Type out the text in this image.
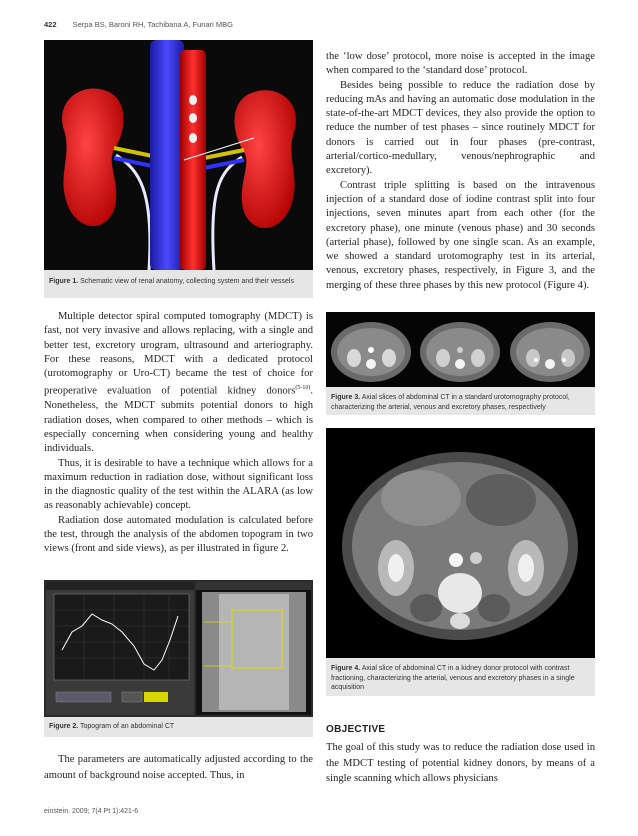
422 Serpa BS, Baroni RH, Tachibana A, Funari MBG
Figure 1. Schematic view of renal anatomy, collecting system and their vessels

Multiple detector spiral computed tomography (MDCT) is fast, not very invasive and allows replacing, with a single and better test, excretory urogram, ultrasound and arteriography. For these reasons, MDCT with a dedicated protocol (urotomography or Uro-CT) became the test of choice for preoperative evaluation of potential kidney donors$^{(5-10)}$. Nonetheless, the MDCT submits potential donors to high radiation doses, when compared to other methods – which is especially concerning when considering young and healthy individuals.

Thus, it is desirable to have a technique which allows for a maximum reduction in radiation dose, without significant loss in the diagnostic quality of the test within the ALARA (as low as reasonably achievable) concept.

Radiation dose automated modulation is calculated before the test, through the analysis of the abdomen topogram in two views (front and side views), as per illustrated in figure 2.

Figure 2. Topogram of an abdominal CT

The parameters are automatically adjusted according to the amount of background noise accepted. Thus, in

the ‘low dose’ protocol, more noise is accepted in the image when compared to the ‘standard dose’ protocol.

Besides being possible to reduce the radiation dose by reducing mAs and having an automatic dose modulation in the state-of-the-art MDCT devices, they also provide the option to reduce the number of test phases – since routinely MDCT for donors is carried out in four phases (pre-contrast, arterial/cortico-medullary, venous/nephrographic and excretory).

Contrast triple splitting is based on the intravenous injection of a standard dose of iodine contrast split into four injections, seven minutes apart from each other (for the excretory phase), one minute (venous phase) and 30 seconds (arterial phase), followed by one single scan. As an example, we showed a standard urotomography test in its arterial, venous, excretory phases, respectively, in Figure 3, and the merging of these three phases by this new protocol (Figure 4).

Figure 3. Axial slices of abdominal CT in a standard urotomography protocol, characterizing the arterial, venous and excretory phases, respectively
Figure 4. Axial slice of abdominal CT in a kidney donor protocol with contrast fractioning, characterizing the arterial, venous and excretory phases in a single acquisition
OBJECTIVE

The goal of this study was to reduce the radiation dose used in the MDCT testing of potential kidney donors, by means of a single scanning which allows physicians

einstein. 2009; 7(4 Pt 1):421-6
